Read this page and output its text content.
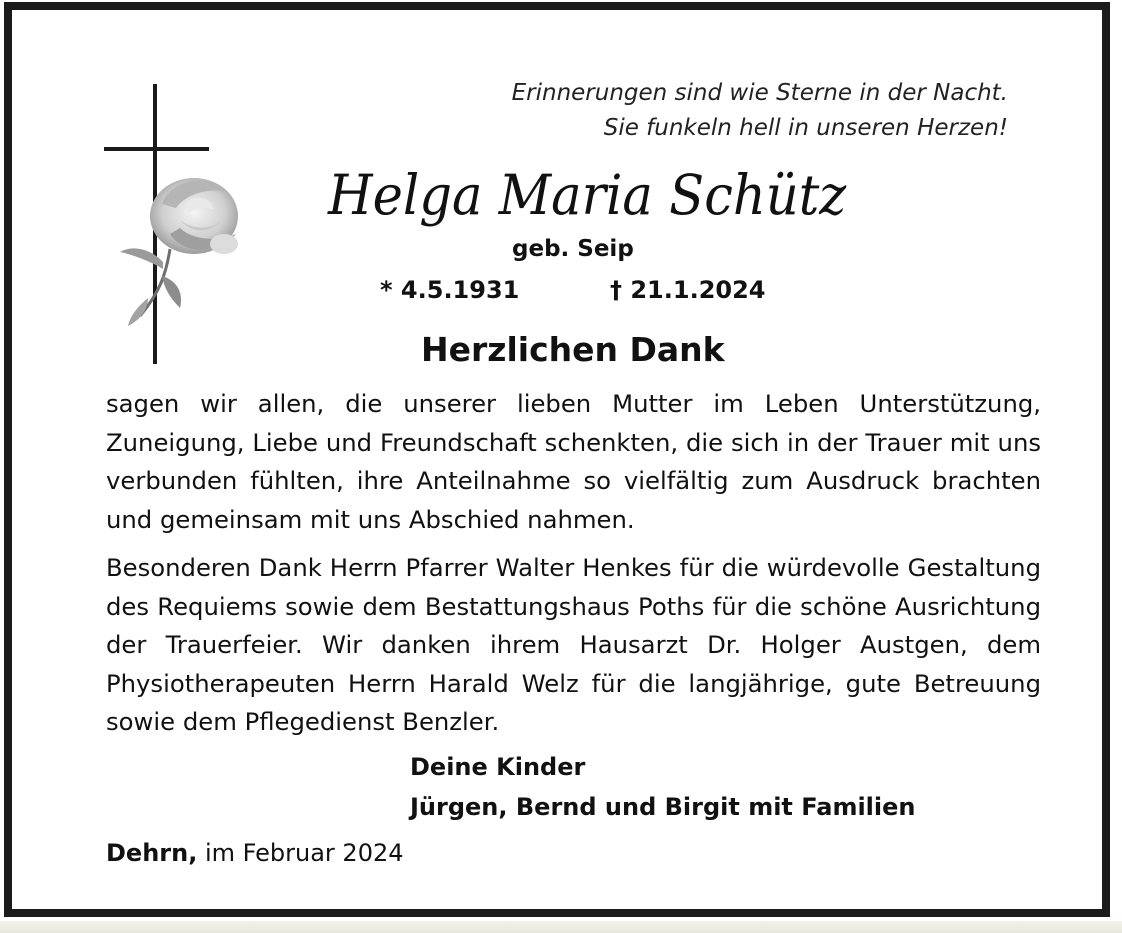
Erinnerungen sind wie Sterne in der Nacht.
Sie funkeln hell in unseren Herzen!
Helga Maria Schütz
geb. Seip
* 4.5.1931	† 21.1.2024
Herzlichen Dank

sagen wir allen, die unserer lieben Mutter im Leben Unterstützung, Zuneigung, Liebe und Freundschaft schenkten, die sich in der Trauer mit uns verbunden fühlten, ihre Anteilnahme so vielfältig zum Ausdruck brachten und gemeinsam mit uns Abschied nahmen.

Besonderen Dank Herrn Pfarrer Walter Henkes für die würdevolle Gestaltung des Requiems sowie dem Bestattungshaus Poths für die schöne Ausrichtung der Trauerfeier. Wir danken ihrem Hausarzt Dr. Holger Austgen, dem Physiotherapeuten Herrn Harald Welz für die langjährige, gute Betreuung sowie dem Pflegedienst Benzler.

Deine Kinder
Jürgen, Bernd und Birgit mit Familien
Dehrn, im Februar 2024
